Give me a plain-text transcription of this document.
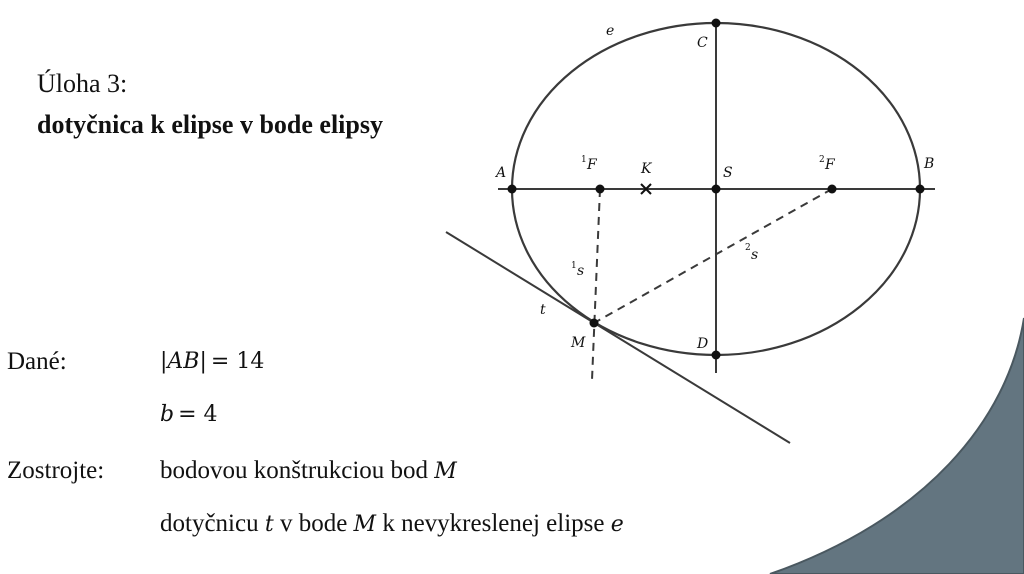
e
C
A
B
S
K
1 F	2 F
1 s
2 s
t
M	D
Úloha 3:
dotyčnica k elipse v bode elipsy
Dané:	|AB| = 14
b = 4
Zostrojte: bodovou konštrukciou bod M
dotyčnicu t v bode M k nevykreslenej elipse e
